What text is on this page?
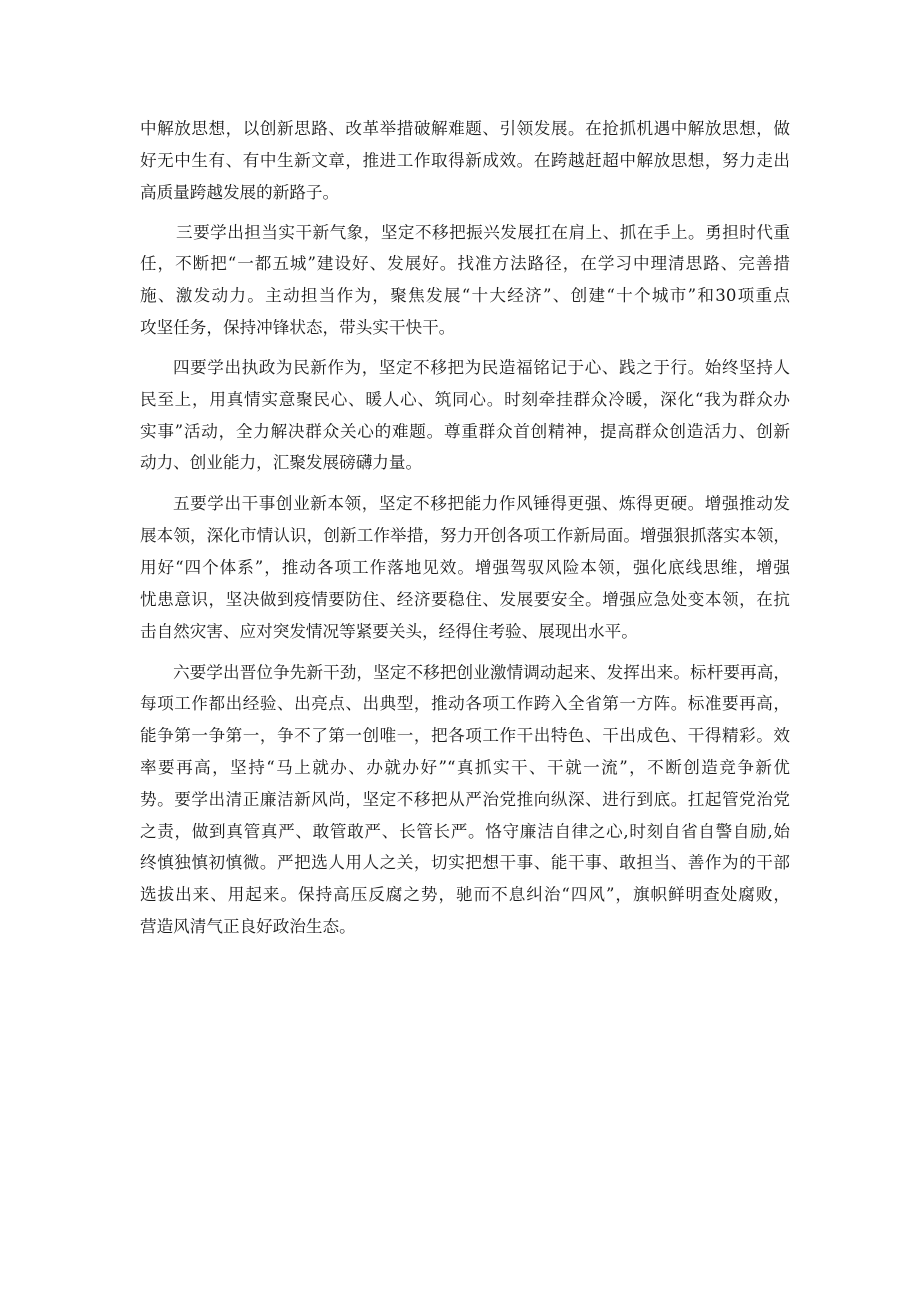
中解放思想，以创新思路、改革举措破解难题、引领发展。在抢抓机遇中解放思想，做
好无中生有、有中生新文章，推进工作取得新成效。在跨越赶超中解放思想，努力走出
高质量跨越发展的新路子。
三要学出担当实干新气象，坚定不移把振兴发展扛在肩上、抓在手上。勇担时代重
任，不断把“一都五城”建设好、发展好。找准方法路径，在学习中理清思路、完善措
施、激发动力。主动担当作为，聚焦发展“十大经济”、创建“十个城市”和30项重点
攻坚任务，保持冲锋状态，带头实干快干。
四要学出执政为民新作为，坚定不移把为民造福铭记于心、践之于行。始终坚持人
民至上，用真情实意聚民心、暖人心、筑同心。时刻牵挂群众冷暖，深化“我为群众办
实事”活动，全力解决群众关心的难题。尊重群众首创精神，提高群众创造活力、创新
动力、创业能力，汇聚发展磅礴力量。
五要学出干事创业新本领，坚定不移把能力作风锤得更强、炼得更硬。增强推动发
展本领，深化市情认识，创新工作举措，努力开创各项工作新局面。增强狠抓落实本领，
用好“四个体系”，推动各项工作落地见效。增强驾驭风险本领，强化底线思维，增强
忧患意识，坚决做到疫情要防住、经济要稳住、发展要安全。增强应急处变本领，在抗
击自然灾害、应对突发情况等紧要关头，经得住考验、展现出水平。
六要学出晋位争先新干劲，坚定不移把创业激情调动起来、发挥出来。标杆要再高，
每项工作都出经验、出亮点、出典型，推动各项工作跨入全省第一方阵。标准要再高，
能争第一争第一，争不了第一创唯一，把各项工作干出特色、干出成色、干得精彩。效
率要再高，坚持“马上就办、办就办好”“真抓实干、干就一流”，不断创造竞争新优
势。要学出清正廉洁新风尚，坚定不移把从严治党推向纵深、进行到底。扛起管党治党
之责，做到真管真严、敢管敢严、长管长严。恪守廉洁自律之心,时刻自省自警自励,始
终慎独慎初慎微。严把选人用人之关，切实把想干事、能干事、敢担当、善作为的干部
选拔出来、用起来。保持高压反腐之势，驰而不息纠治“四风”，旗帜鲜明查处腐败，
营造风清气正良好政治生态。
